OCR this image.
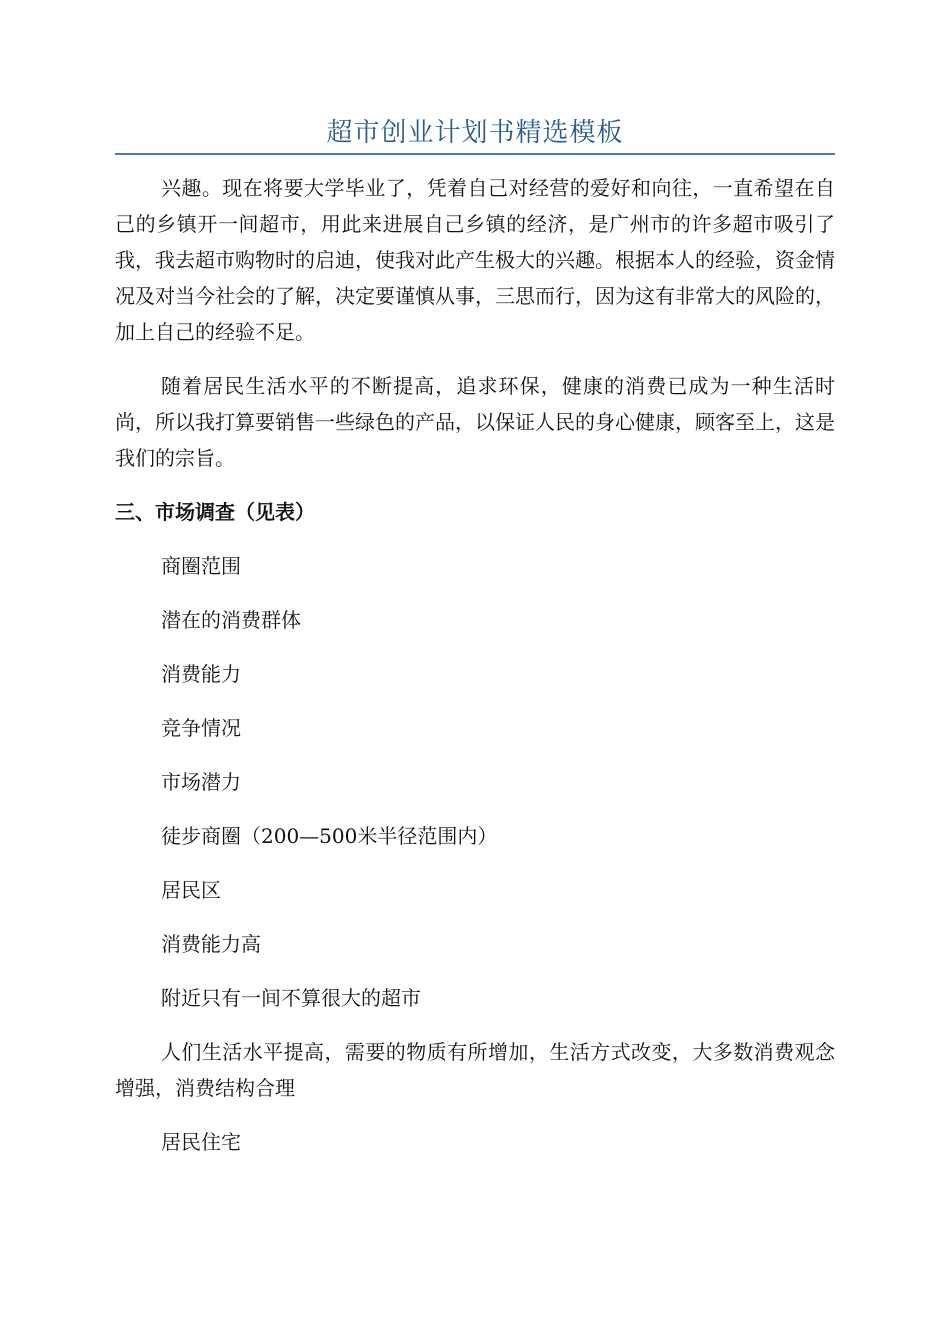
超市创业计划书精选模板

兴趣。现在将要大学毕业了，凭着自己对经营的爱好和向往，一直希望在自己的乡镇开一间超市，用此来进展自己乡镇的经济，是广州市的许多超市吸引了我，我去超市购物时的启迪，使我对此产生极大的兴趣。根据本人的经验，资金情况及对当今社会的了解，决定要谨慎从事，三思而行，因为这有非常大的风险的，加上自己的经验不足。

随着居民生活水平的不断提高，追求环保，健康的消费已成为一种生活时尚，所以我打算要销售一些绿色的产品，以保证人民的身心健康，顾客至上，这是我们的宗旨。

三、市场调查（见表）

商圈范围

潜在的消费群体

消费能力

竞争情况

市场潜力

徒步商圈（200—500米半径范围内）

居民区

消费能力高

附近只有一间不算很大的超市

人们生活水平提高，需要的物质有所增加，生活方式改变，大多数消费观念增强，消费结构合理

居民住宅
